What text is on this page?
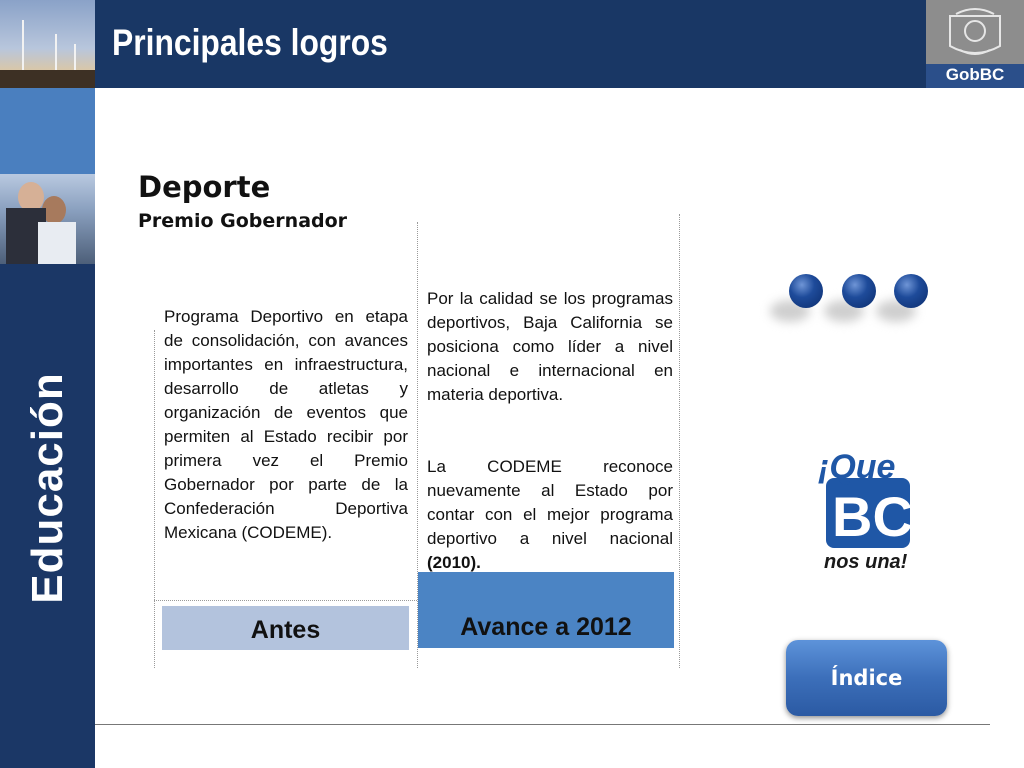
Principales logros
GobBC
Educación
Deporte
Premio Gobernador
Programa Deportivo en etapa de consolidación, con avances importantes en infraestructura, desarrollo de atletas y organización de eventos que permiten al Estado recibir por primera vez el Premio Gobernador por parte de la Confederación Deportiva Mexicana (CODEME).
Antes
Por la calidad se los programas deportivos, Baja California se posiciona como líder a nivel nacional e internacional en materia deportiva.
La CODEME reconoce nuevamente al Estado por contar con el mejor programa deportivo a nivel nacional (2010).
Avance a 2012
¡Que
BC
nos una!
Índice
